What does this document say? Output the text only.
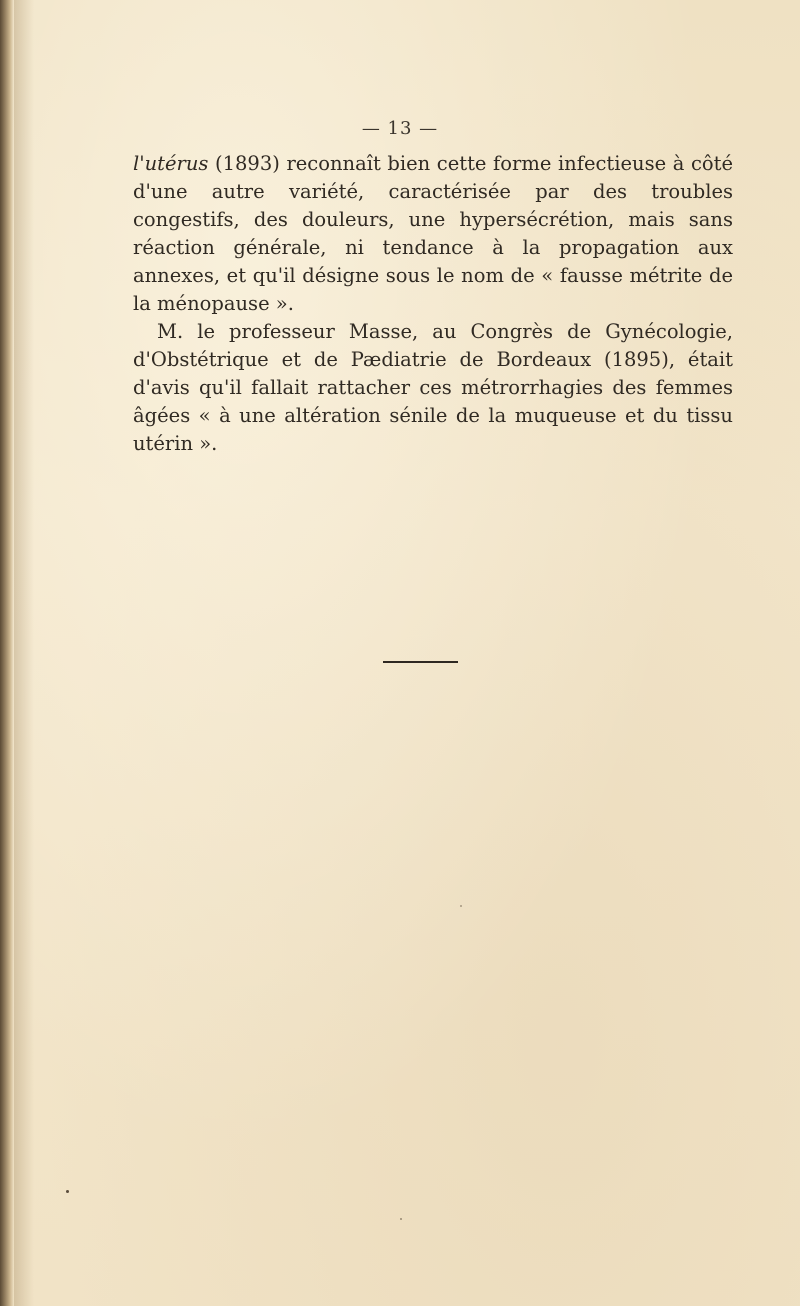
— 13 —

l'utérus (1893) reconnaît bien cette forme infectieuse à côté d'une autre variété, caractérisée par des troubles congestifs, des douleurs, une hypersécrétion, mais sans réaction générale, ni tendance à la propagation aux annexes, et qu'il désigne sous le nom de « fausse métrite de la ménopause ».

M. le professeur Masse, au Congrès de Gynécologie, d'Obstétrique et de Pædiatrie de Bordeaux (1895), était d'avis qu'il fallait rattacher ces métrorrhagies des femmes âgées « à une altération sénile de la muqueuse et du tissu utérin ».
